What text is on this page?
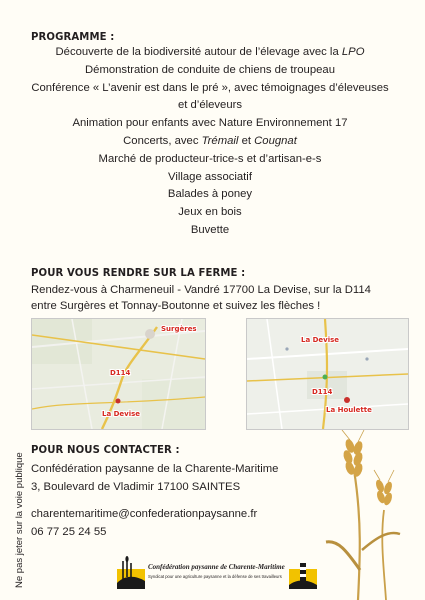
PROGRAMME :
Découverte de la biodiversité autour de l’élevage avec la LPO
Démonstration de conduite de chiens de troupeau
Conférence « L’avenir est dans le pré », avec témoignages d’éleveuses
et d’éleveurs
Animation pour enfants avec Nature Environnement 17
Concerts, avec Trémail et Cougnat
Marché de producteur-trice-s et d’artisan-e-s
Village associatif
Balades à poney
Jeux en bois
Buvette
POUR VOUS RENDRE SUR LA FERME :
Rendez-vous à Charmeneuil - Vandré 17700 La Devise, sur la D114
entre Surgères et Tonnay-Boutonne et suivez les flèches !
Surgères
D114
La Devise
La Devise
D114
La Houlette
POUR NOUS CONTACTER :
Confédération paysanne de la Charente-Maritime
3, Boulevard de Vladimir 17100 SAINTES
charentemaritime@confederationpaysanne.fr
06 77 25 24 55
Ne pas jeter sur la voie publique	Confédération paysanne de Charente-Maritime
Syndicat pour une agriculture paysanne et la défense de ses travailleurs
